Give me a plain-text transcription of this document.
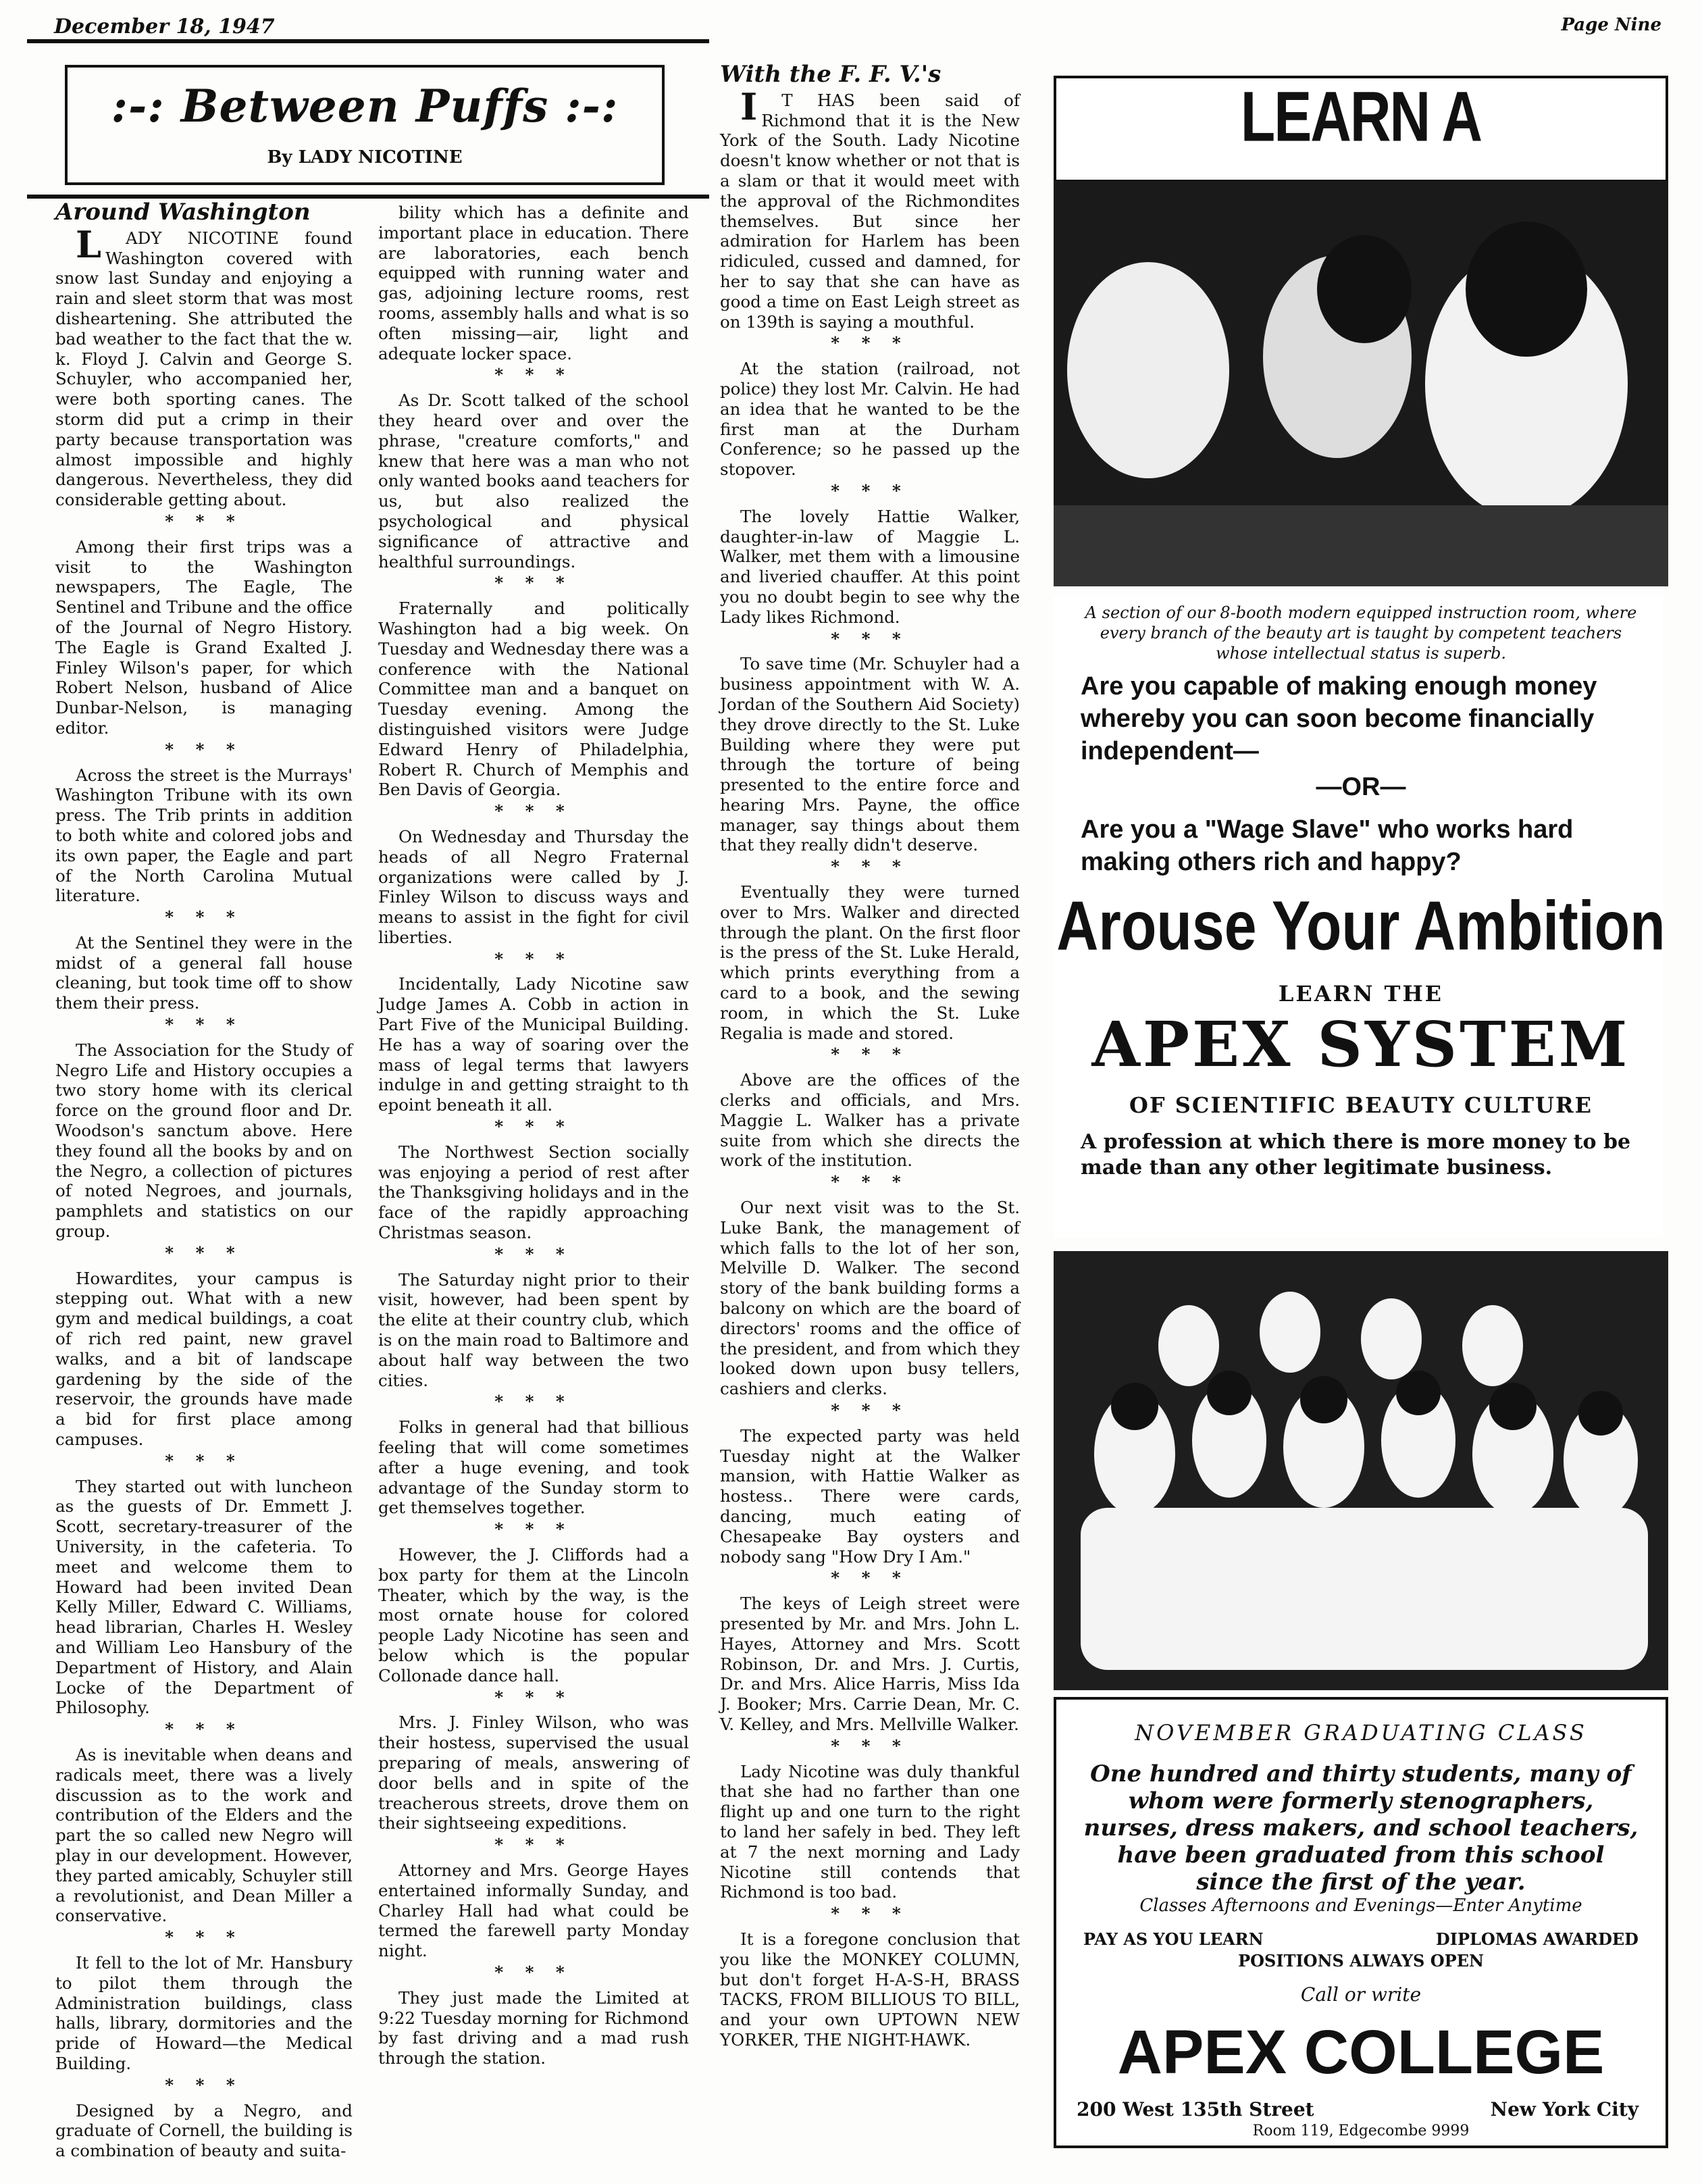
December 18, 1947	Page Nine
:-: Between Puffs :-:
By LADY NICOTINE
Around Washington

LADY NICOTINE found Washington covered with snow last Sunday and enjoying a rain and sleet storm that was most disheartening. She attributed the bad weather to the fact that the w. k. Floyd J. Calvin and George S. Schuyler, who accompanied her, were both sporting canes. The storm did put a crimp in their party because transportation was almost impossible and highly dangerous. Nevertheless, they did considerable getting about.

* * *

Among their first trips was a visit to the Washington newspapers, The Eagle, The Sentinel and Tribune and the office of the Journal of Negro History. The Eagle is Grand Exalted J. Finley Wilson's paper, for which Robert Nelson, husband of Alice Dunbar-Nelson, is managing editor.

* * *

Across the street is the Murrays' Washington Tribune with its own press. The Trib prints in addition to both white and colored jobs and its own paper, the Eagle and part of the North Carolina Mutual literature.

* * *

At the Sentinel they were in the midst of a general fall house cleaning, but took time off to show them their press.

* * *

The Association for the Study of Negro Life and History occupies a two story home with its clerical force on the ground floor and Dr. Woodson's sanctum above. Here they found all the books by and on the Negro, a collection of pictures of noted Negroes, and journals, pamphlets and statistics on our group.

* * *

Howardites, your campus is stepping out. What with a new gym and medical buildings, a coat of rich red paint, new gravel walks, and a bit of landscape gardening by the side of the reservoir, the grounds have made a bid for first place among campuses.

* * *

They started out with luncheon as the guests of Dr. Emmett J. Scott, secretary-treasurer of the University, in the cafeteria. To meet and welcome them to Howard had been invited Dean Kelly Miller, Edward C. Williams, head librarian, Charles H. Wesley and William Leo Hansbury of the Department of History, and Alain Locke of the Department of Philosophy.

* * *

As is inevitable when deans and radicals meet, there was a lively discussion as to the work and contribution of the Elders and the part the so called new Negro will play in our development. However, they parted amicably, Schuyler still a revolutionist, and Dean Miller a conservative.

* * *

It fell to the lot of Mr. Hansbury to pilot them through the Administration buildings, class halls, library, dormitories and the pride of Howard—the Medical Building.

* * *

Designed by a Negro, and graduate of Cornell, the building is a combination of beauty and suita-

bility which has a definite and important place in education. There are laboratories, each bench equipped with running water and gas, adjoining lecture rooms, rest rooms, assembly halls and what is so often missing—air, light and adequate locker space.

* * *

As Dr. Scott talked of the school they heard over and over the phrase, "creature comforts," and knew that here was a man who not only wanted books aand teachers for us, but also realized the psychological and physical significance of attractive and healthful surroundings.

* * *

Fraternally and politically Washington had a big week. On Tuesday and Wednesday there was a conference with the National Committee man and a banquet on Tuesday evening. Among the distinguished visitors were Judge Edward Henry of Philadelphia, Robert R. Church of Memphis and Ben Davis of Georgia.

* * *

On Wednesday and Thursday the heads of all Negro Fraternal organizations were called by J. Finley Wilson to discuss ways and means to assist in the fight for civil liberties.

* * *

Incidentally, Lady Nicotine saw Judge James A. Cobb in action in Part Five of the Municipal Building. He has a way of soaring over the mass of legal terms that lawyers indulge in and getting straight to th epoint beneath it all.

* * *

The Northwest Section socially was enjoying a period of rest after the Thanksgiving holidays and in the face of the rapidly approaching Christmas season.

* * *

The Saturday night prior to their visit, however, had been spent by the elite at their country club, which is on the main road to Baltimore and about half way between the two cities.

* * *

Folks in general had that billious feeling that will come sometimes after a huge evening, and took advantage of the Sunday storm to get themselves together.

* * *

However, the J. Cliffords had a box party for them at the Lincoln Theater, which by the way, is the most ornate house for colored people Lady Nicotine has seen and below which is the popular Collonade dance hall.

* * *

Mrs. J. Finley Wilson, who was their hostess, supervised the usual preparing of meals, answering of door bells and in spite of the treacherous streets, drove them on their sightseeing expeditions.

* * *

Attorney and Mrs. George Hayes entertained informally Sunday, and Charley Hall had what could be termed the farewell party Monday night.

* * *

They just made the Limited at 9:22 Tuesday morning for Richmond by fast driving and a mad rush through the station.

With the F. F. V.'s

IT HAS been said of Richmond that it is the New York of the South. Lady Nicotine doesn't know whether or not that is a slam or that it would meet with the approval of the Richmondites themselves. But since her admiration for Harlem has been ridiculed, cussed and damned, for her to say that she can have as good a time on East Leigh street as on 139th is saying a mouthful.

* * *

At the station (railroad, not police) they lost Mr. Calvin. He had an idea that he wanted to be the first man at the Durham Conference; so he passed up the stopover.

* * *

The lovely Hattie Walker, daughter-in-law of Maggie L. Walker, met them with a limousine and liveried chauffer. At this point you no doubt begin to see why the Lady likes Richmond.

* * *

To save time (Mr. Schuyler had a business appointment with W. A. Jordan of the Southern Aid Society) they drove directly to the St. Luke Building where they were put through the torture of being presented to the entire force and hearing Mrs. Payne, the office manager, say things about them that they really didn't deserve.

* * *

Eventually they were turned over to Mrs. Walker and directed through the plant. On the first floor is the press of the St. Luke Herald, which prints everything from a card to a book, and the sewing room, in which the St. Luke Regalia is made and stored.

* * *

Above are the offices of the clerks and officials, and Mrs. Maggie L. Walker has a private suite from which she directs the work of the institution.

* * *

Our next visit was to the St. Luke Bank, the management of which falls to the lot of her son, Melville D. Walker. The second story of the bank building forms a balcony on which are the board of directors' rooms and the office of the president, and from which they looked down upon busy tellers, cashiers and clerks.

* * *

The expected party was held Tuesday night at the Walker mansion, with Hattie Walker as hostess.. There were cards, dancing, much eating of Chesapeake Bay oysters and nobody sang "How Dry I Am."

* * *

The keys of Leigh street were presented by Mr. and Mrs. John L. Hayes, Attorney and Mrs. Scott Robinson, Dr. and Mrs. J. Curtis, Dr. and Mrs. Alice Harris, Miss Ida J. Booker; Mrs. Carrie Dean, Mr. C. V. Kelley, and Mrs. Mellville Walker.

* * *

Lady Nicotine was duly thankful that she had no farther than one flight up and one turn to the right to land her safely in bed. They left at 7 the next morning and Lady Nicotine still contends that Richmond is too bad.

* * *

It is a foregone conclusion that you like the MONKEY COLUMN, but don't forget H-A-S-H, BRASS TACKS, FROM BILLIOUS TO BILL, and your own UPTOWN NEW YORKER, THE NIGHT-HAWK.

LEARN A
A section of our 8-booth modern equipped instruction room, where every branch of the beauty art is taught by competent teachers whose intellectual status is superb.
Are you capable of making enough money whereby you can soon become financially independent—
—OR—
Are you a "Wage Slave" who works hard making others rich and happy?
Arouse Your Ambition
LEARN THE
APEX SYSTEM
OF SCIENTIFIC BEAUTY CULTURE
A profession at which there is more money to be made than any other legitimate business.
NOVEMBER GRADUATING CLASS
One hundred and thirty students, many of whom were formerly stenographers, nurses, dress makers, and school teachers, have been graduated from this school since the first of the year.
Classes Afternoons and Evenings—Enter Anytime
PAY AS YOU LEARN	DIPLOMAS AWARDED
POSITIONS ALWAYS OPEN
Call or write
APEX COLLEGE
200 West 135th Street	New York City
Room 119, Edgecombe 9999
